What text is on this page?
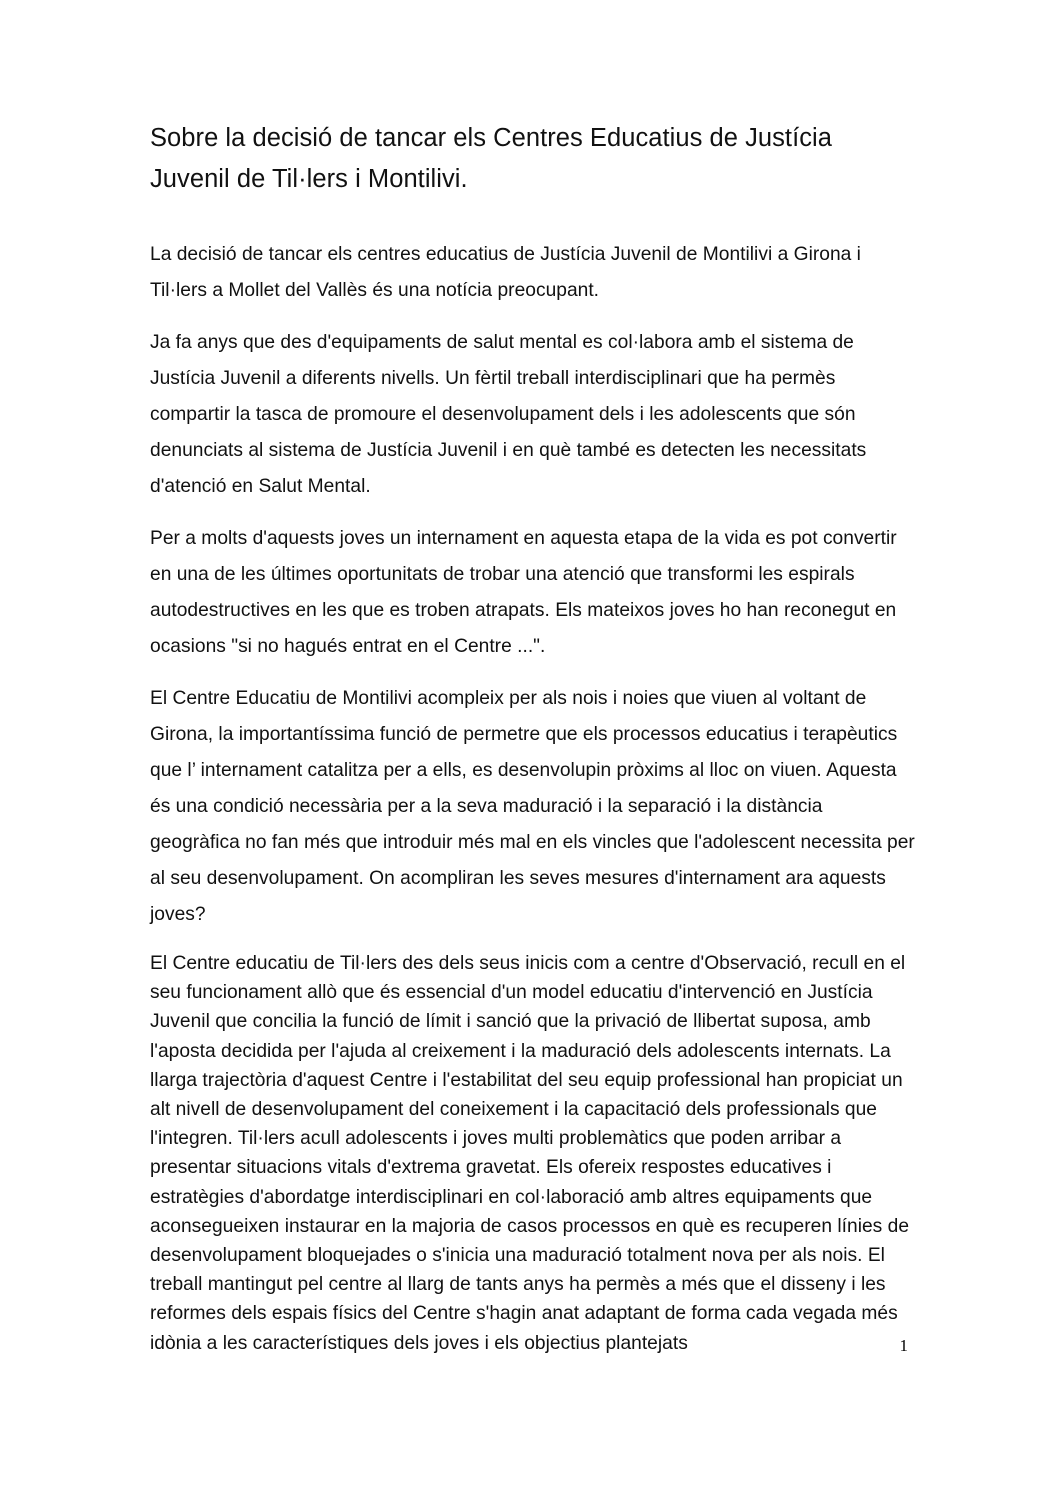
Sobre la decisió de tancar els Centres Educatius de Justícia Juvenil de Til·lers i Montilivi.

La decisió de tancar els centres educatius de Justícia Juvenil de Montilivi a Girona i Til·lers a Mollet del Vallès és una notícia preocupant.

Ja fa anys que des d'equipaments de salut mental es col·labora amb el sistema de Justícia Juvenil a diferents nivells. Un fèrtil treball interdisciplinari que ha permès compartir la tasca de promoure el desenvolupament dels i les adolescents que són denunciats al sistema de Justícia Juvenil i en què també es detecten les necessitats d'atenció en Salut Mental.

Per a molts d'aquests joves un internament en aquesta etapa de la vida es pot convertir en una de les últimes oportunitats de trobar una atenció que transformi les espirals autodestructives en les que es troben atrapats. Els mateixos joves ho han reconegut en ocasions "si no hagués entrat en el Centre ...".

El Centre Educatiu de Montilivi acompleix per als nois i noies que viuen al voltant de Girona, la importantíssima funció de permetre que els processos educatius i terapèutics que l’ internament catalitza per a ells, es desenvolupin pròxims al lloc on viuen. Aquesta és una condició necessària per a la seva maduració i la separació i la distància geogràfica no fan més que introduir més mal en els vincles que l'adolescent necessita per al seu desenvolupament. On acompliran les seves mesures d'internament ara aquests joves?

El Centre educatiu de Til·lers des dels seus inicis com a centre d'Observació, recull en el seu funcionament allò que és essencial d'un model educatiu d'intervenció en Justícia Juvenil que concilia la funció de límit i sanció que la privació de llibertat suposa, amb l'aposta decidida per l'ajuda al creixement i la maduració dels adolescents internats. La llarga trajectòria d'aquest Centre i l'estabilitat del seu equip professional han propiciat un alt nivell de desenvolupament del coneixement i la capacitació dels professionals que l'integren. Til·lers acull adolescents i joves multi problemàtics que poden arribar a presentar situacions vitals d'extrema gravetat. Els ofereix respostes educatives i estratègies d'abordatge interdisciplinari en col·laboració amb altres equipaments que aconsegueixen instaurar en la majoria de casos processos en què es recuperen línies de desenvolupament bloquejades o s'inicia una maduració totalment nova per als nois. El treball mantingut pel centre al llarg de tants anys ha permès a més que el disseny i les reformes dels espais físics del Centre s'hagin anat adaptant de forma cada vegada més idònia a les característiques dels joves i els objectius plantejats	1
